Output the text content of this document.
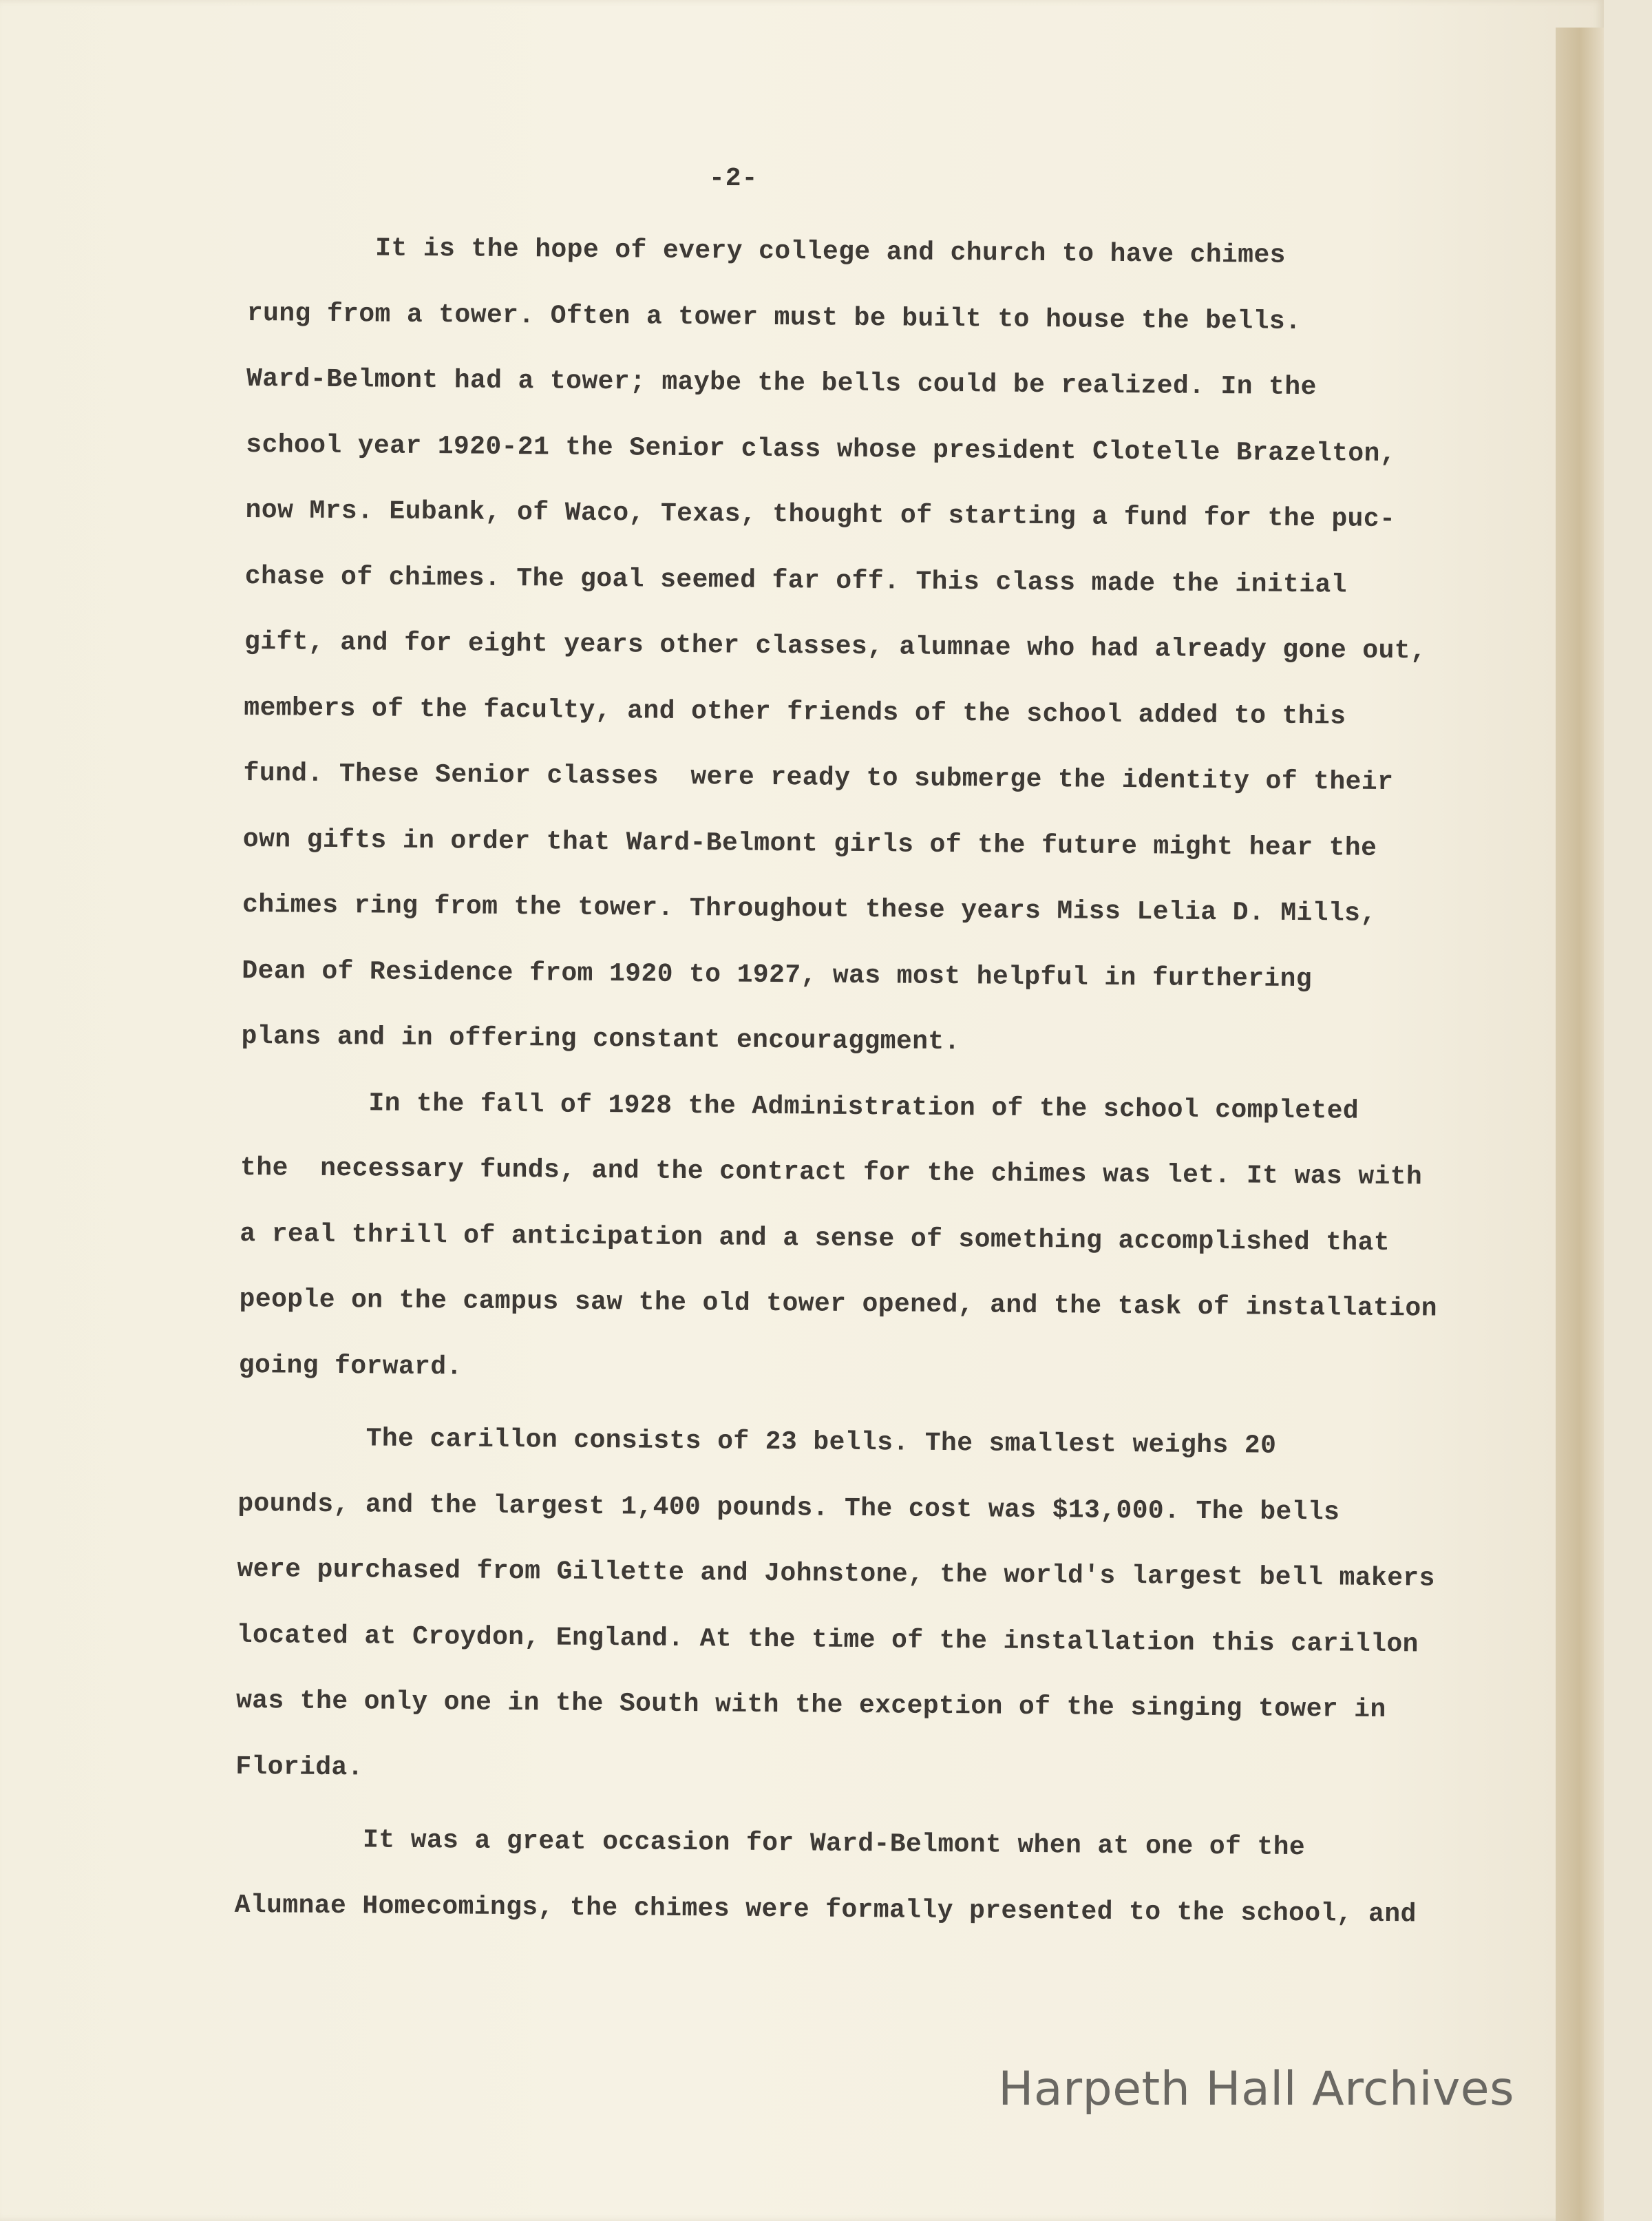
-2-

It is the hope of every college and church to have chimes

rung from a tower. Often a tower must be built to house the bells.

Ward-Belmont had a tower; maybe the bells could be realized. In the

school year 1920-21 the Senior class whose president Clotelle Brazelton,

now Mrs. Eubank, of Waco, Texas, thought of starting a fund for the puc-

chase of chimes. The goal seemed far off. This class made the initial

gift, and for eight years other classes, alumnae who had already gone out,

members of the faculty, and other friends of the school added to this

fund. These Senior classes  were ready to submerge the identity of their

own gifts in order that Ward-Belmont girls of the future might hear the

chimes ring from the tower. Throughout these years Miss Lelia D. Mills,

Dean of Residence from 1920 to 1927, was most helpful in furthering

plans and in offering constant encouraggment.

In the fall of 1928 the Administration of the school completed

the  necessary funds, and the contract for the chimes was let. It was with

a real thrill of anticipation and a sense of something accomplished that

people on the campus saw the old tower opened, and the task of installation

going forward.

The carillon consists of 23 bells. The smallest weighs 20

pounds, and the largest 1,400 pounds. The cost was $13,000. The bells

were purchased from Gillette and Johnstone, the world's largest bell makers

located at Croydon, England. At the time of the installation this carillon

was the only one in the South with the exception of the singing tower in

Florida.

It was a great occasion for Ward-Belmont when at one of the

Alumnae Homecomings, the chimes were formally presented to the school, and

Harpeth Hall Archives
